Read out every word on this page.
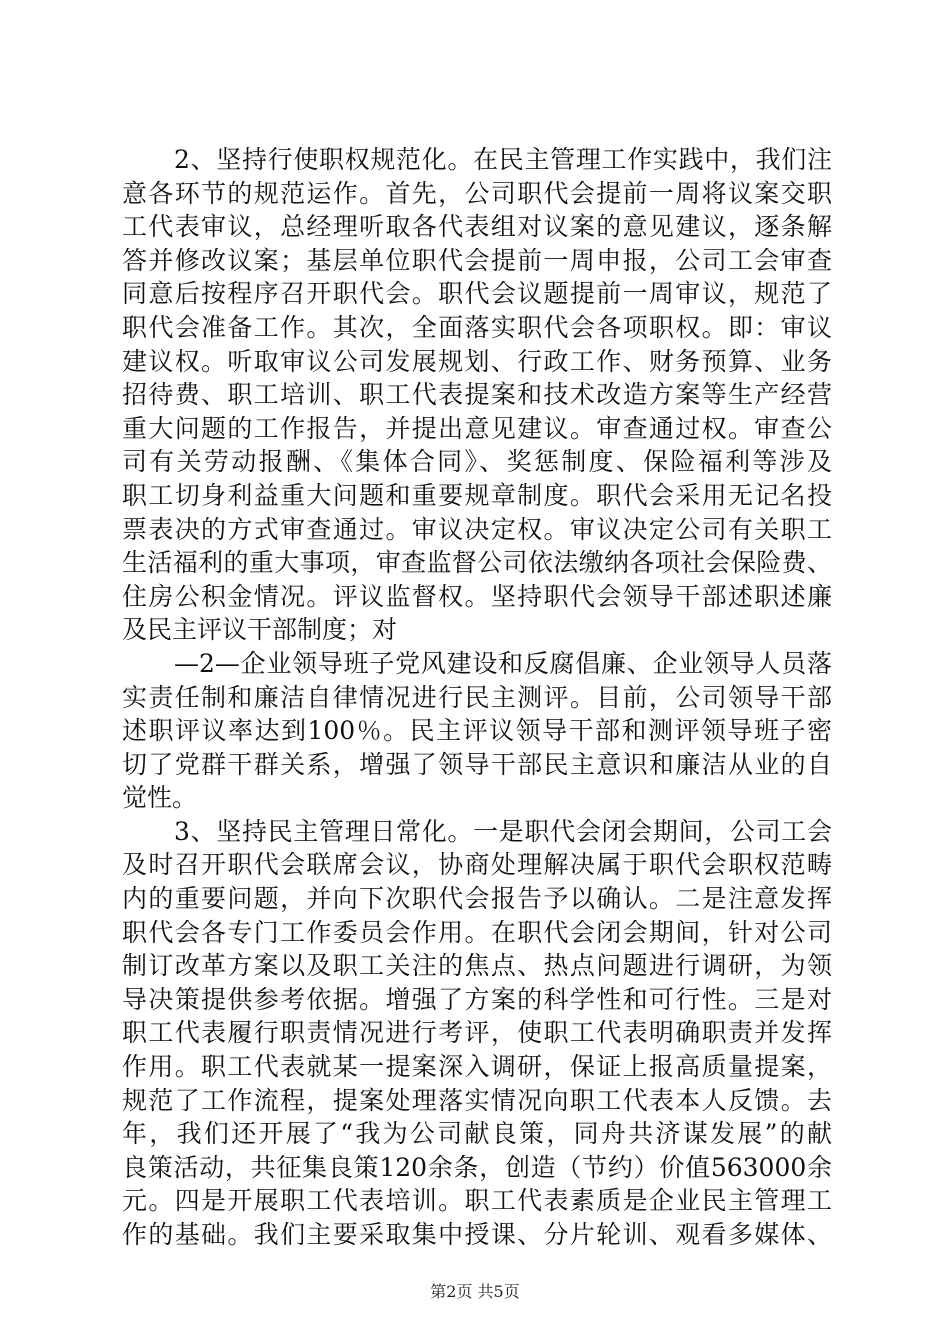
2、坚持行使职权规范化。在民主管理工作实践中，我们注
意各环节的规范运作。首先，公司职代会提前一周将议案交职
工代表审议，总经理听取各代表组对议案的意见建议，逐条解
答并修改议案；基层单位职代会提前一周申报，公司工会审查
同意后按程序召开职代会。职代会议题提前一周审议，规范了
职代会准备工作。其次，全面落实职代会各项职权。即：审议
建议权。听取审议公司发展规划、行政工作、财务预算、业务
招待费、职工培训、职工代表提案和技术改造方案等生产经营
重大问题的工作报告，并提出意见建议。审查通过权。审查公
司有关劳动报酬、《集体合同》、奖惩制度、保险福利等涉及
职工切身利益重大问题和重要规章制度。职代会采用无记名投
票表决的方式审查通过。审议决定权。审议决定公司有关职工
生活福利的重大事项，审查监督公司依法缴纳各项社会保险费、
住房公积金情况。评议监督权。坚持职代会领导干部述职述廉
及民主评议干部制度；对
—2—企业领导班子党风建设和反腐倡廉、企业领导人员落
实责任制和廉洁自律情况进行民主测评。目前，公司领导干部
述职评议率达到100％。民主评议领导干部和测评领导班子密
切了党群干群关系，增强了领导干部民主意识和廉洁从业的自
觉性。
3、坚持民主管理日常化。一是职代会闭会期间，公司工会
及时召开职代会联席会议，协商处理解决属于职代会职权范畴
内的重要问题，并向下次职代会报告予以确认。二是注意发挥
职代会各专门工作委员会作用。在职代会闭会期间，针对公司
制订改革方案以及职工关注的焦点、热点问题进行调研，为领
导决策提供参考依据。增强了方案的科学性和可行性。三是对
职工代表履行职责情况进行考评，使职工代表明确职责并发挥
作用。职工代表就某一提案深入调研，保证上报高质量提案，
规范了工作流程，提案处理落实情况向职工代表本人反馈。去
年，我们还开展了“我为公司献良策，同舟共济谋发展”的献
良策活动，共征集良策120余条，创造（节约）价值563000余
元。四是开展职工代表培训。职工代表素质是企业民主管理工
作的基础。我们主要采取集中授课、分片轮训、观看多媒体、
第2页 共5页
